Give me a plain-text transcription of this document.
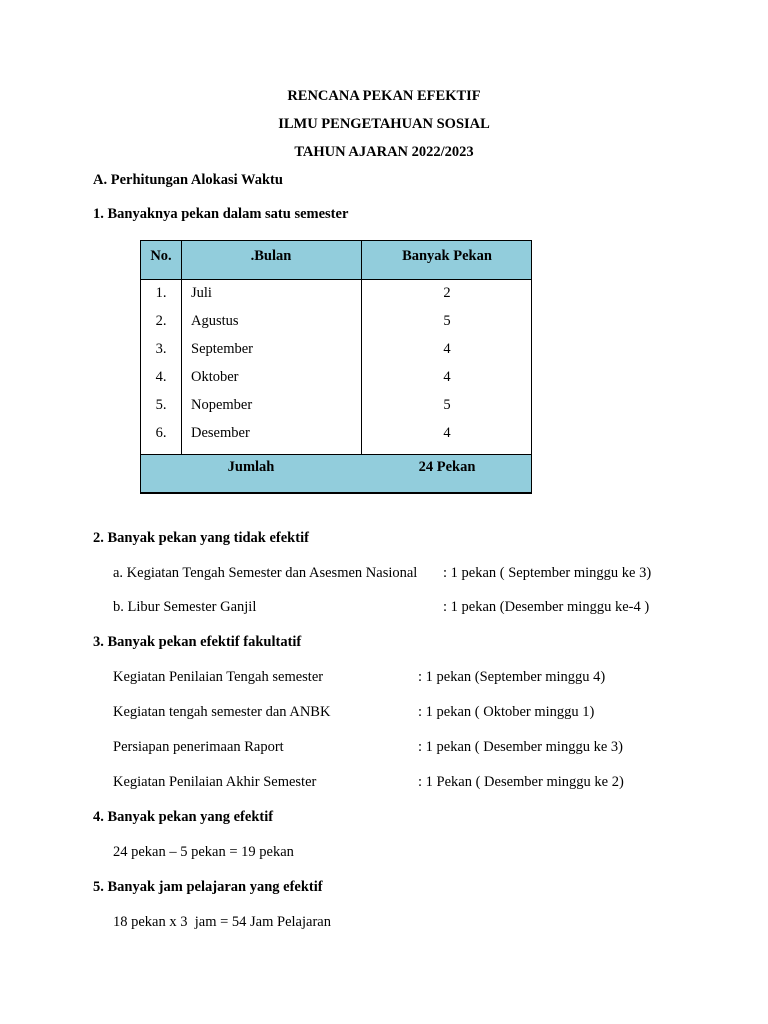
RENCANA PEKAN EFEKTIF
ILMU PENGETAHUAN SOSIAL
TAHUN AJARAN 2022/2023
A. Perhitungan Alokasi Waktu
1. Banyaknya pekan dalam satu semester
No.	.Bulan	Banyak Pekan
1.	Juli	2
2.	Agustus	5
3.	September	4
4.	Oktober	4
5.	Nopember	5
6.	Desember	4
Jumlah	24 Pekan
2. Banyak pekan yang tidak efektif
a. Kegiatan Tengah Semester dan Asesmen Nasional : 1 pekan ( September minggu ke 3)
b. Libur Semester Ganjil	: 1 pekan (Desember minggu ke-4 )
3. Banyak pekan efektif fakultatif
Kegiatan Penilaian Tengah semester	: 1 pekan (September minggu 4)
Kegiatan tengah semester dan ANBK	: 1 pekan ( Oktober minggu 1)
Persiapan penerimaan Raport	: 1 pekan ( Desember minggu ke 3)
Kegiatan Penilaian Akhir Semester	: 1 Pekan ( Desember minggu ke 2)
4. Banyak pekan yang efektif
24 pekan – 5 pekan = 19 pekan
5. Banyak jam pelajaran yang efektif
18 pekan x 3  jam = 54 Jam Pelajaran
